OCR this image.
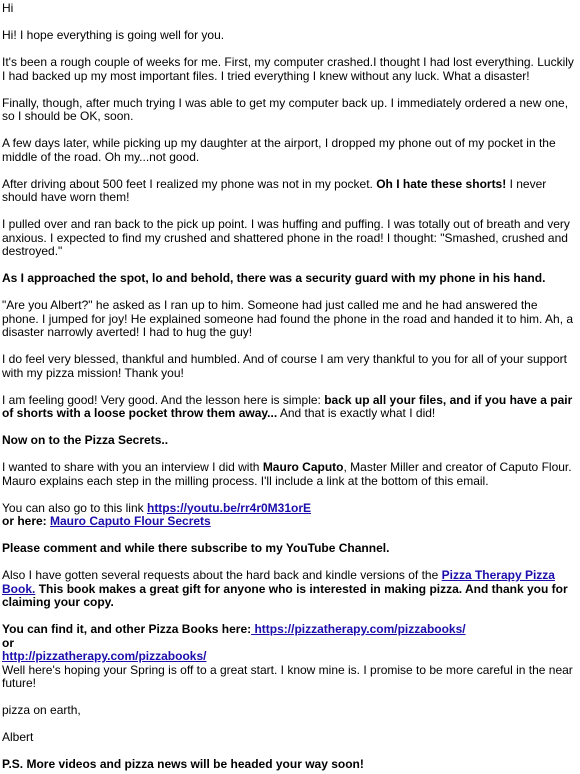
Hi

Hi! I hope everything is going well for you.

It's been a rough couple of weeks for me. First, my computer crashed.I thought I had lost everything. Luckily I had backed up my most important files. I tried everything I knew without any luck. What a disaster!

Finally, though, after much trying I was able to get my computer back up. I immediately ordered a new one, so I should be OK, soon.

A few days later, while picking up my daughter at the airport, I dropped my phone out of my pocket in the middle of the road. Oh my...not good.

After driving about 500 feet I realized my phone was not in my pocket. Oh I hate these shorts! I never should have worn them!

I pulled over and ran back to the pick up point. I was huffing and puffing. I was totally out of breath and very anxious. I expected to find my crushed and shattered phone in the road! I thought: "Smashed, crushed and destroyed."

As I approached the spot, lo and behold, there was a security guard with my phone in his hand.

"Are you Albert?" he asked as I ran up to him. Someone had just called me and he had answered the phone. I jumped for joy! He explained someone had found the phone in the road and handed it to him. Ah, a disaster narrowly averted! I had to hug the guy!

I do feel very blessed, thankful and humbled. And of course I am very thankful to you for all of your support with my pizza mission! Thank you!

I am feeling good! Very good. And the lesson here is simple: back up all your files, and if you have a pair of shorts with a loose pocket throw them away... And that is exactly what I did!

Now on to the Pizza Secrets..

I wanted to share with you an interview I did with Mauro Caputo, Master Miller and creator of Caputo Flour. Mauro explains each step in the milling process. I'll include a link at the bottom of this email.

You can also go to this link https://youtu.be/rr4r0M31orE
or here: Mauro Caputo Flour Secrets

Please comment and while there subscribe to my YouTube Channel.

Also I have gotten several requests about the hard back and kindle versions of the Pizza Therapy Pizza Book. This book makes a great gift for anyone who is interested in making pizza. And thank you for claiming your copy.

You can find it, and other Pizza Books here: https://pizzatherapy.com/pizzabooks/
or
http://pizzatherapy.com/pizzabooks/
Well here's hoping your Spring is off to a great start. I know mine is. I promise to be more careful in the near future!

pizza on earth,

Albert

P.S. More videos and pizza news will be headed your way soon!
